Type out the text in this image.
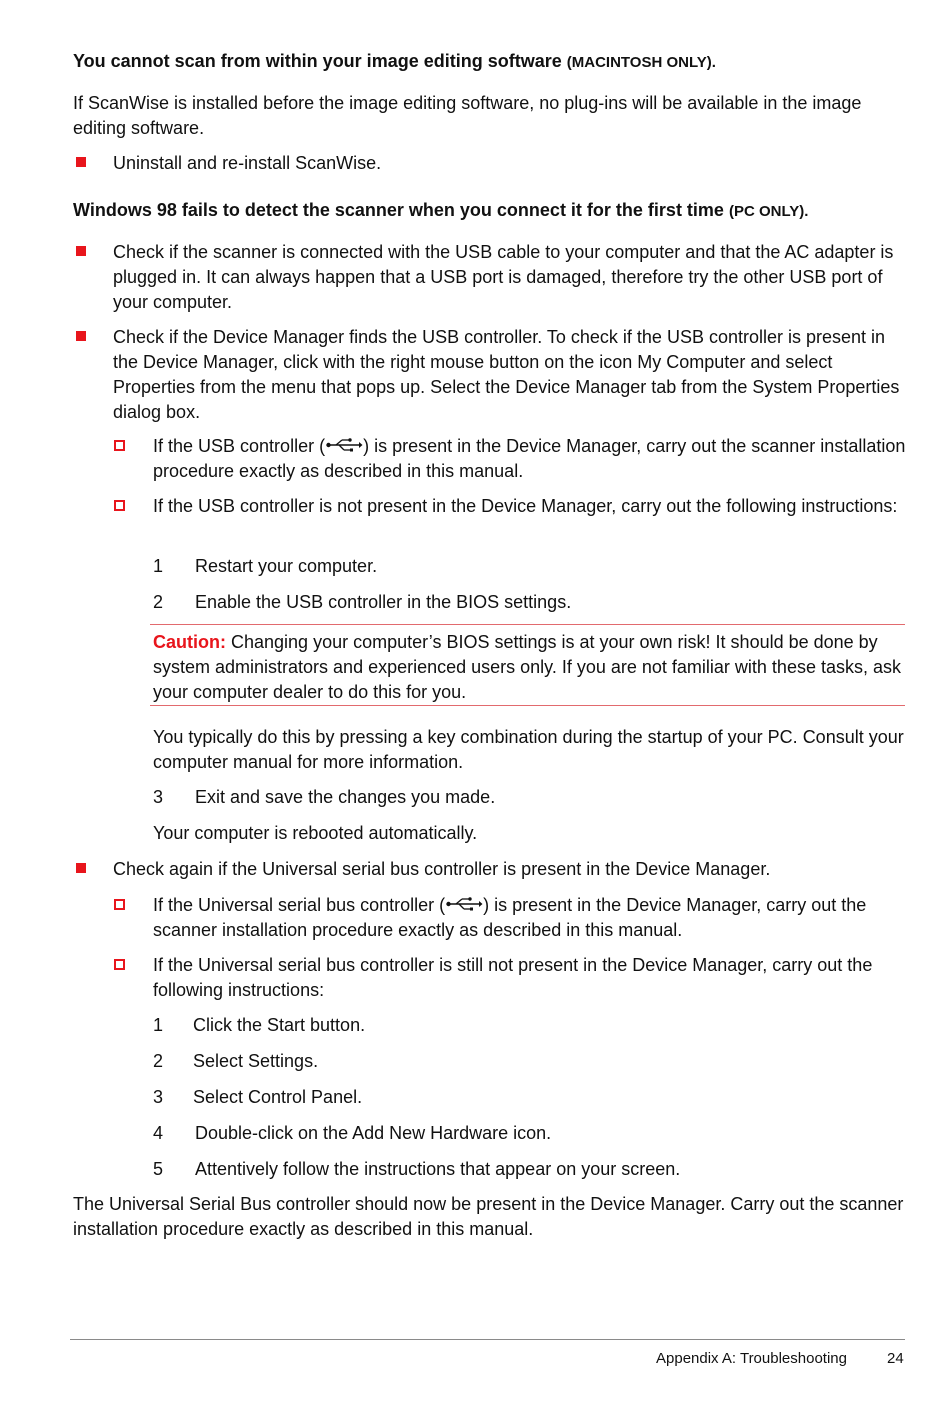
You cannot scan from within your image editing software (MACINTOSH ONLY).

If ScanWise is installed before the image editing software, no plug-ins will be available in the image editing software.

Uninstall and re-install ScanWise.

Windows 98 fails to detect the scanner when you connect it for the first time (PC ONLY).

Check if the scanner is connected with the USB cable to your computer and that the AC adapter is plugged in. It can always happen that a USB port is damaged, therefore try the other USB port of your computer.

Check if the Device Manager finds the USB controller. To check if the USB controller is present in the Device Manager, click with the right mouse button on the icon My Computer and select Properties from the menu that pops up. Select the Device Manager tab from the System Properties dialog box.

If the USB controller ( ) is present in the Device Manager, carry out the scanner installation procedure exactly as described in this manual.

If the USB controller is not present in the Device Manager, carry out the following instructions:

1	Restart your computer.

2	Enable the USB controller in the BIOS settings.

Caution: Changing your computer’s BIOS settings is at your own risk! It should be done by system administrators and experienced users only. If you are not familiar with these tasks, ask your computer dealer to do this for you.

You typically do this by pressing a key combination during the startup of your PC. Consult your computer manual for more information.

3	Exit and save the changes you made.

Your computer is rebooted automatically.

Check again if the Universal serial bus controller is present in the Device Manager.

If the Universal serial bus controller ( ) is present in the Device Manager, carry out the scanner installation procedure exactly as described in this manual.

If the Universal serial bus controller is still not present in the Device Manager, carry out the following instructions:

1	Click the Start button.

2	Select Settings.

3	Select Control Panel.

4	Double-click on the Add New Hardware icon.

5	Attentively follow the instructions that appear on your screen.

The Universal Serial Bus controller should now be present in the Device Manager. Carry out the scanner installation procedure exactly as described in this manual.

Appendix A: Troubleshooting	24
